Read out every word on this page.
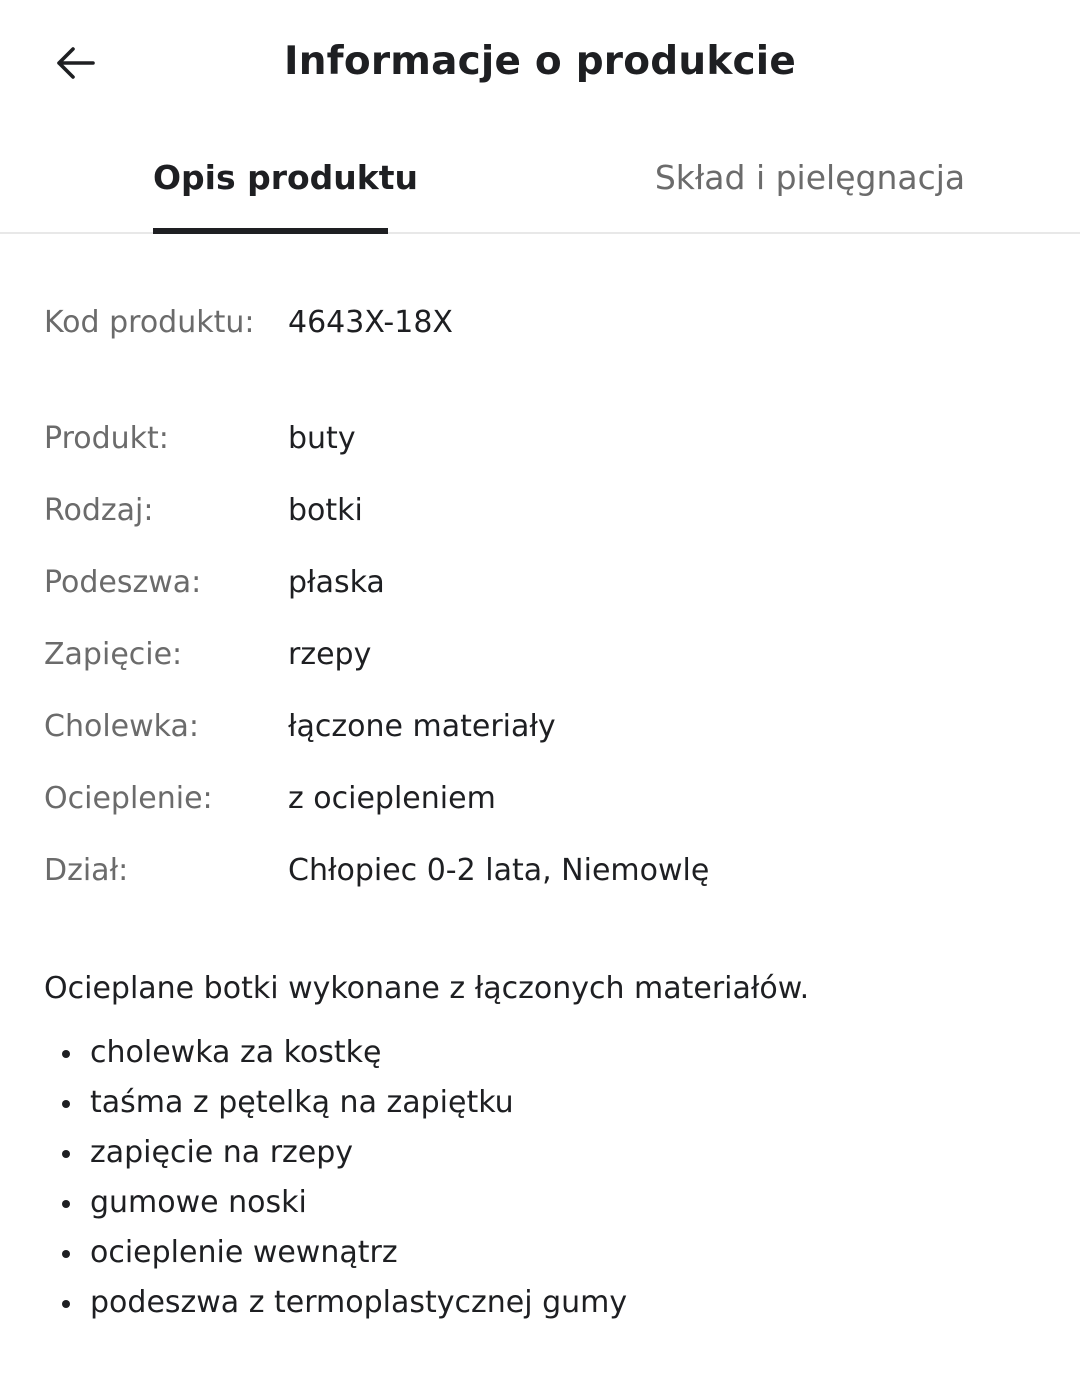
Informacje o produkcie
Opis produktu	Skład i pielęgnacja
Kod produktu: 4643X-18X
Produkt:	buty
Rodzaj:	botki
Podeszwa:	płaska
Zapięcie:	rzepy
Cholewka:	łączone materiały
Ocieplenie:	z ociepleniem
Dział:	Chłopiec 0-2 lata, Niemowlę
Ocieplane botki wykonane z łączonych materiałów.
cholewka za kostkę
taśma z pętelką na zapiętku
zapięcie na rzepy
gumowe noski
ocieplenie wewnątrz
podeszwa z termoplastycznej gumy
